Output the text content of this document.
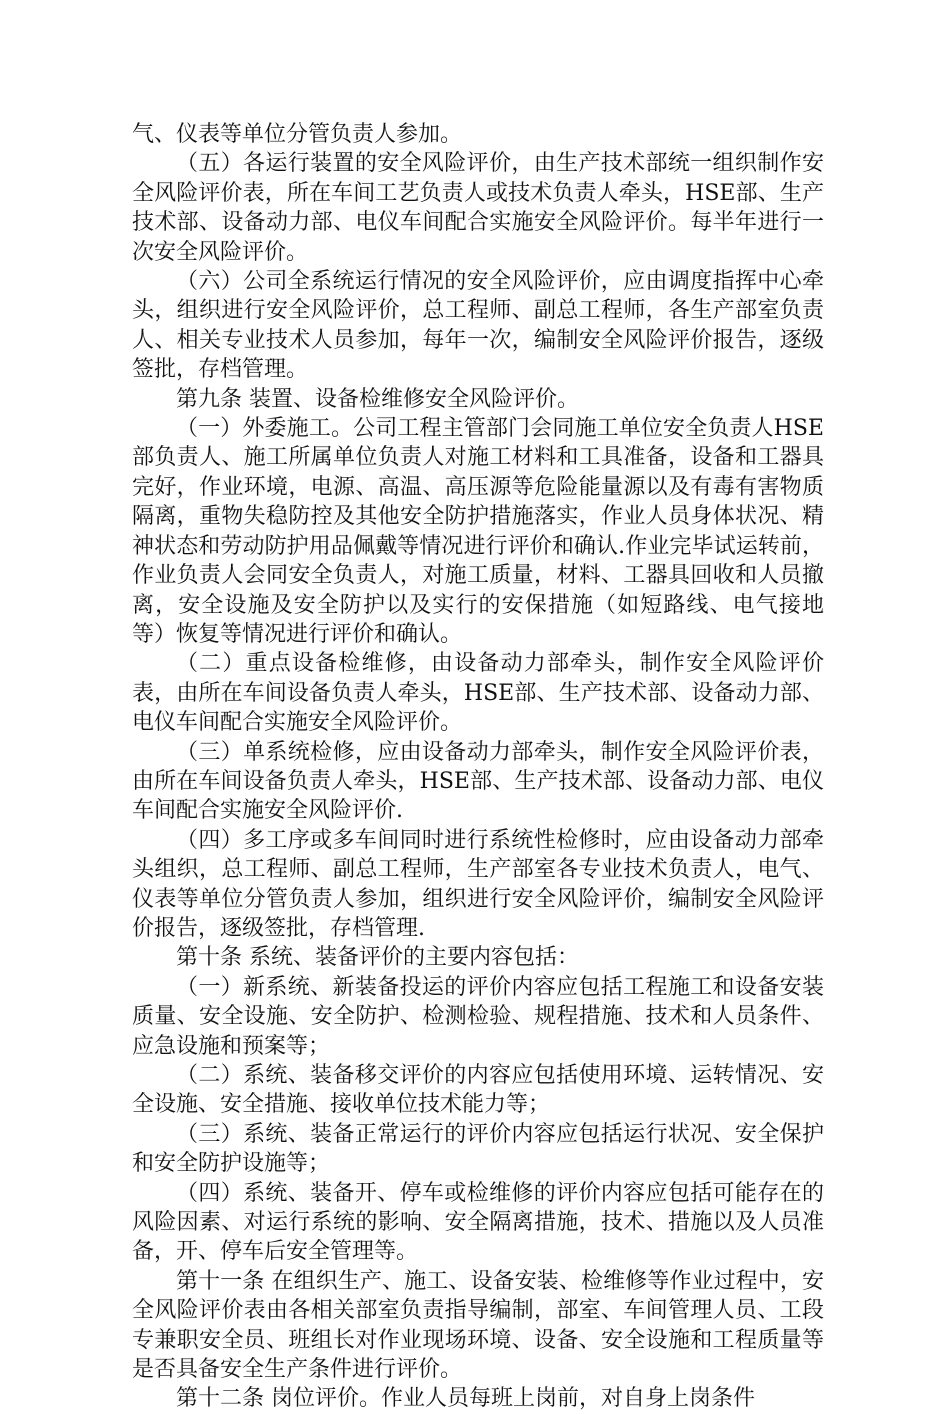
气、仪表等单位分管负责人参加。

（五）各运行装置的安全风险评价，由生产技术部统一组织制作安全风险评价表，所在车间工艺负责人或技术负责人牵头，HSE部、生产技术部、设备动力部、电仪车间配合实施安全风险评价。每半年进行一次安全风险评价。

（六）公司全系统运行情况的安全风险评价，应由调度指挥中心牵头，组织进行安全风险评价，总工程师、副总工程师，各生产部室负责人、相关专业技术人员参加，每年一次，编制安全风险评价报告，逐级签批，存档管理。

第九条 装置、设备检维修安全风险评价。

（一）外委施工。公司工程主管部门会同施工单位安全负责人HSE部负责人、施工所属单位负责人对施工材料和工具准备，设备和工器具完好，作业环境，电源、高温、高压源等危险能量源以及有毒有害物质隔离，重物失稳防控及其他安全防护措施落实，作业人员身体状况、精神状态和劳动防护用品佩戴等情况进行评价和确认.作业完毕试运转前，作业负责人会同安全负责人，对施工质量，材料、工器具回收和人员撤离，安全设施及安全防护以及实行的安保措施（如短路线、电气接地等）恢复等情况进行评价和确认。

（二）重点设备检维修，由设备动力部牵头，制作安全风险评价表，由所在车间设备负责人牵头，HSE部、生产技术部、设备动力部、电仪车间配合实施安全风险评价。

（三）单系统检修，应由设备动力部牵头，制作安全风险评价表，由所在车间设备负责人牵头，HSE部、生产技术部、设备动力部、电仪车间配合实施安全风险评价.

（四）多工序或多车间同时进行系统性检修时，应由设备动力部牵头组织，总工程师、副总工程师，生产部室各专业技术负责人，电气、仪表等单位分管负责人参加，组织进行安全风险评价，编制安全风险评价报告，逐级签批，存档管理.

第十条 系统、装备评价的主要内容包括：

（一）新系统、新装备投运的评价内容应包括工程施工和设备安装质量、安全设施、安全防护、检测检验、规程措施、技术和人员条件、应急设施和预案等；

（二）系统、装备移交评价的内容应包括使用环境、运转情况、安全设施、安全措施、接收单位技术能力等；

（三）系统、装备正常运行的评价内容应包括运行状况、安全保护和安全防护设施等；

（四）系统、装备开、停车或检维修的评价内容应包括可能存在的风险因素、对运行系统的影响、安全隔离措施，技术、措施以及人员准备，开、停车后安全管理等。

第十一条 在组织生产、施工、设备安装、检维修等作业过程中，安全风险评价表由各相关部室负责指导编制，部室、车间管理人员、工段专兼职安全员、班组长对作业现场环境、设备、安全设施和工程质量等是否具备安全生产条件进行评价。

第十二条 岗位评价。作业人员每班上岗前，对自身上岗条件
